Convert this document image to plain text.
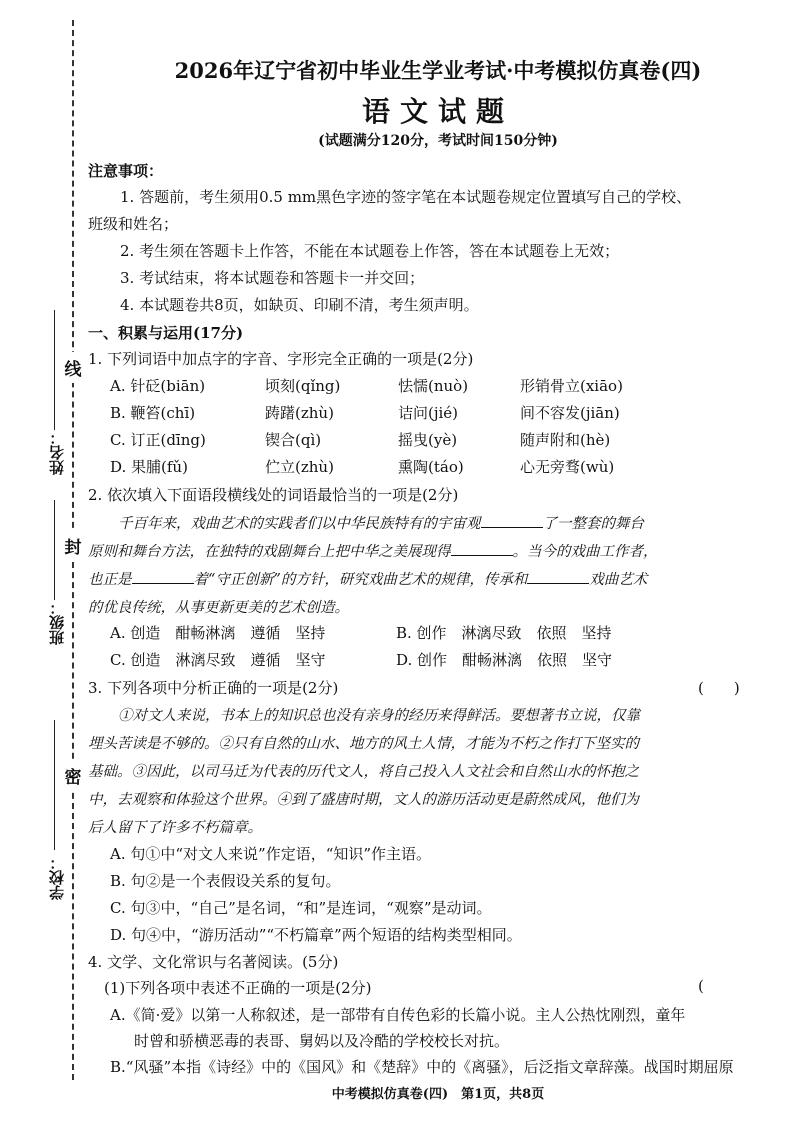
线
封
密
姓名：
班级：
学校：
2026年辽宁省初中毕业生学业考试·中考模拟仿真卷(四)
语文试题
(试题满分120分，考试时间150分钟)
注意事项：
1. 答题前，考生须用0.5 mm黑色字迹的签字笔在本试题卷规定位置填写自己的学校、
班级和姓名；
2. 考生须在答题卡上作答，不能在本试题卷上作答，答在本试题卷上无效；
3. 考试结束，将本试题卷和答题卡一并交回；
4. 本试题卷共8页，如缺页、印刷不清，考生须声明。
一、积累与运用(17分)
1. 下列词语中加点字的字音、字形完全正确的一项是(2分)
A. 针砭(biān)	顷刻(qǐng)	怯懦(nuò)	形销骨立(xiāo)
B. 鞭笞(chī)	踌躇(zhù)	诘问(jié)	间不容发(jiān)
C. 订正(dīng)	锲合(qì)	摇曳(yè)	随声附和(hè)
D. 果脯(fǔ)	伫立(zhù)	熏陶(táo)	心无旁骛(wù)
2. 依次填入下面语段横线处的词语最恰当的一项是(2分)
千百年来，戏曲艺术的实践者们以中华民族特有的宇宙观	了一整套的舞台
原则和舞台方法，在独特的戏剧舞台上把中华之美展现得	。当今的戏曲工作者，
也正是	着“守正创新”的方针，研究戏曲艺术的规律，传承和	戏曲艺术
的优良传统，从事更新更美的艺术创造。
A. 创造　酣畅淋漓　遵循　坚持	B. 创作　淋漓尽致　依照　坚持
C. 创造　淋漓尽致　遵循　坚守	D. 创作　酣畅淋漓　依照　坚守
3. 下列各项中分析正确的一项是(2分)	(　　)
①对文人来说，书本上的知识总也没有亲身的经历来得鲜活。要想著书立说，仅靠
埋头苦读是不够的。②只有自然的山水、地方的风土人情，才能为不朽之作打下坚实的
基础。③因此，以司马迁为代表的历代文人，将自己投入人文社会和自然山水的怀抱之
中，去观察和体验这个世界。④到了盛唐时期，文人的游历活动更是蔚然成风，他们为
后人留下了许多不朽篇章。
A. 句①中“对文人来说”作定语，“知识”作主语。
B. 句②是一个表假设关系的复句。
C. 句③中，“自己”是名词，“和”是连词，“观察”是动词。
D. 句④中，“游历活动”“不朽篇章”两个短语的结构类型相同。
4. 文学、文化常识与名著阅读。(5分)
(1)下列各项中表述不正确的一项是(2分)	(
A.《简·爱》以第一人称叙述，是一部带有自传色彩的长篇小说。主人公热忱刚烈，童年
时曾和骄横恶毒的表哥、舅妈以及冷酷的学校校长对抗。
B.“风骚”本指《诗经》中的《国风》和《楚辞》中的《离骚》，后泛指文章辞藻。战国时期屈原
中考模拟仿真卷(四)　第1页，共8页
